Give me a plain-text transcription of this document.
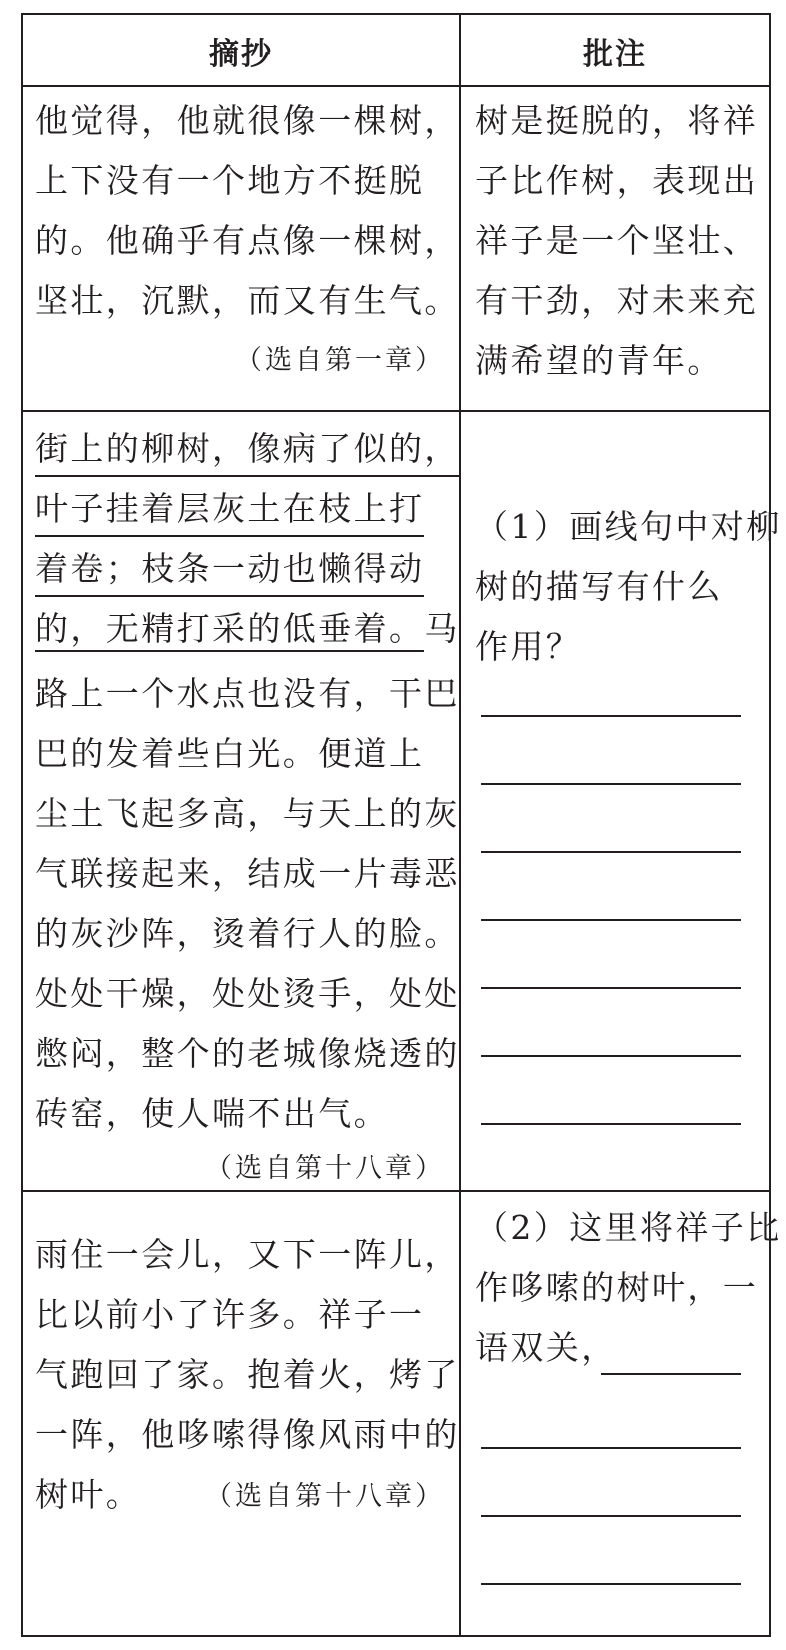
摘抄	批注
他觉得，他就很像一棵树，
上下没有一个地方不挺脱
的。他确乎有点像一棵树，
坚壮，沉默，而又有生气。
（选自第一章）
树是挺脱的，将祥
子比作树，表现出
祥子是一个坚壮、
有干劲，对未来充
满希望的青年。
街上的柳树，像病了似的，
叶子挂着层灰土在枝上打
着卷；枝条一动也懒得动
的，无精打采的低垂着。马
路上一个水点也没有，干巴
巴的发着些白光。便道上
尘土飞起多高，与天上的灰
气联接起来，结成一片毒恶
的灰沙阵，烫着行人的脸。
处处干燥，处处烫手，处处
憋闷，整个的老城像烧透的
砖窑，使人喘不出气。
（选自第十八章）
（1）画线句中对柳
树的描写有什么
作用？
雨住一会儿，又下一阵儿，
比以前小了许多。祥子一
气跑回了家。抱着火，烤了
一阵，他哆嗦得像风雨中的
树叶。 （选自第十八章）
（2）这里将祥子比
作哆嗦的树叶，一
语双关，
